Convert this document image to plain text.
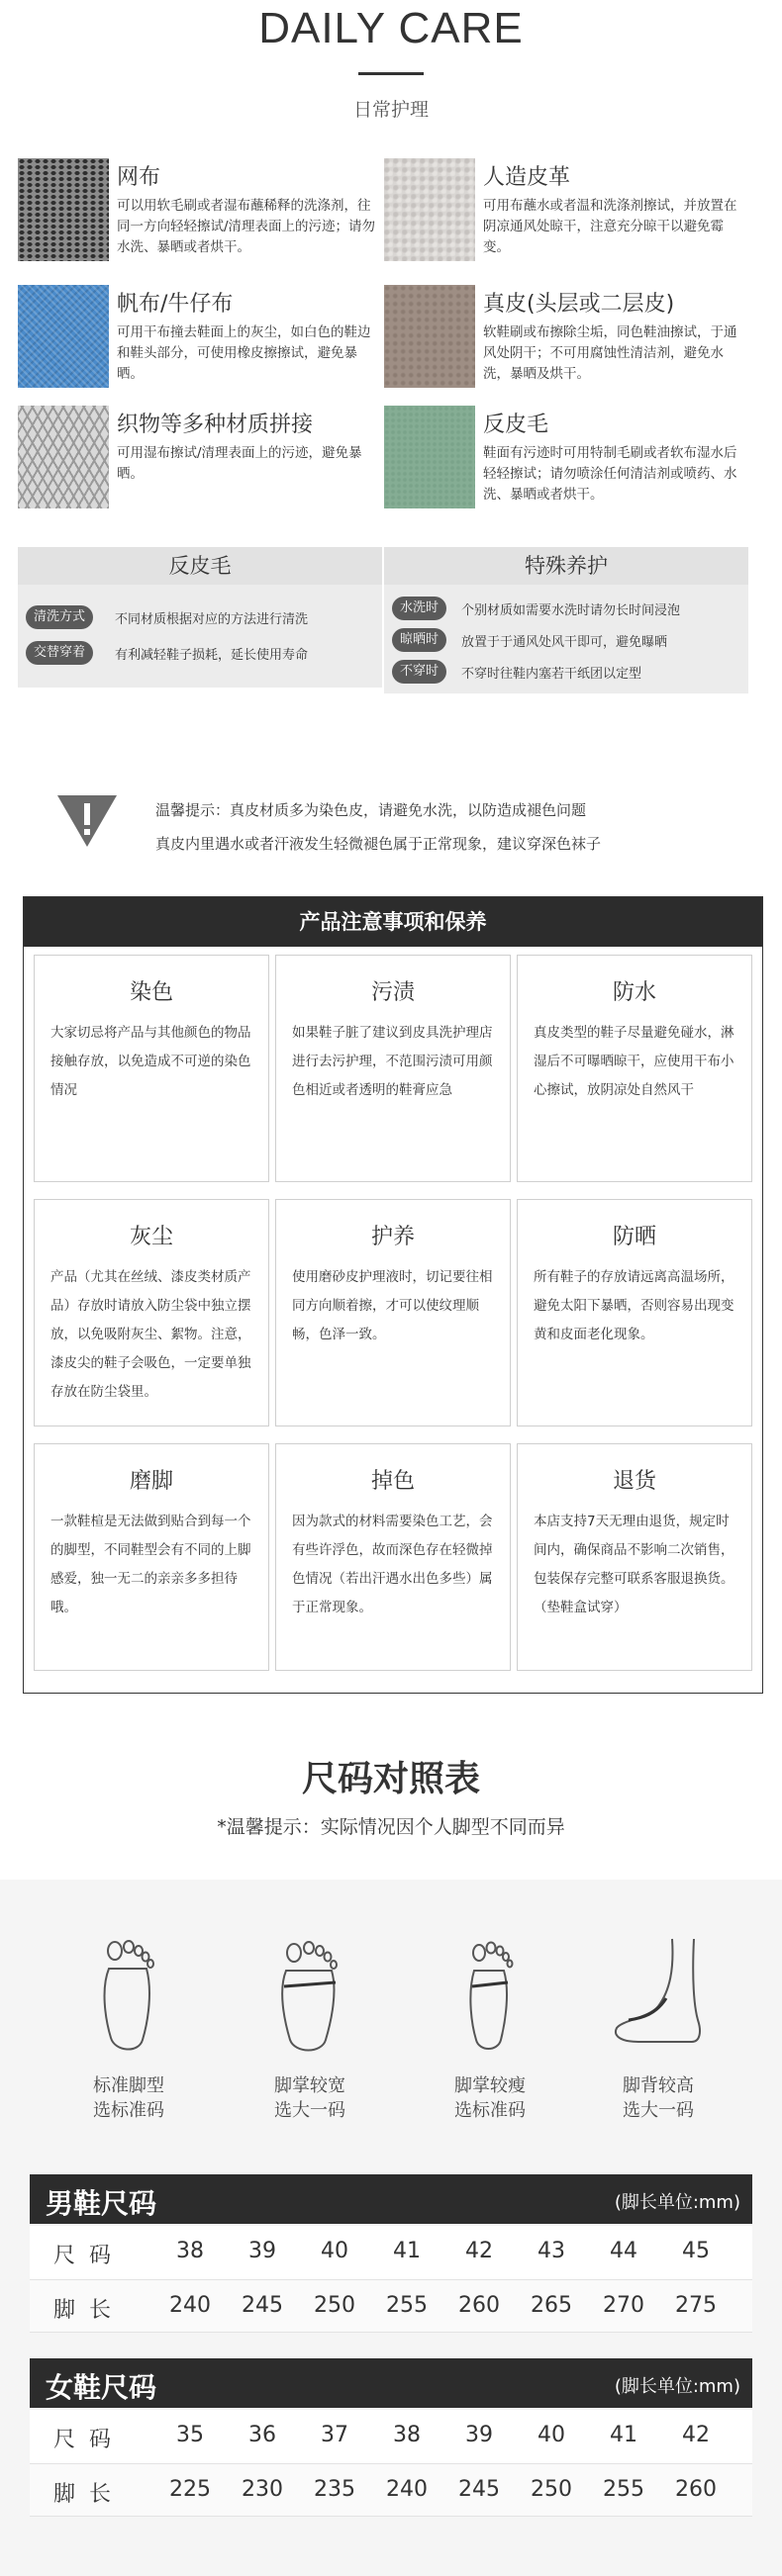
DAILY CARE
日常护理
网布
可以用软毛刷或者湿布蘸稀释的洗涤剂，往同一方向轻轻擦试/清理表面上的污迹；请勿水洗、暴晒或者烘干。
人造皮革
可用布蘸水或者温和洗涤剂擦试，并放置在阴凉通风处晾干，注意充分晾干以避免霉变。
帆布/牛仔布
可用干布撞去鞋面上的灰尘，如白色的鞋边和鞋头部分，可使用橡皮擦擦试，避免暴晒。
真皮(头层或二层皮)
软鞋刷或布擦除尘垢，同色鞋油擦试，于通风处阴干；不可用腐蚀性清洁剂，避免水洗，暴晒及烘干。
织物等多种材质拼接
可用湿布擦试/清理表面上的污迹，避免暴晒。
反皮毛
鞋面有污迹时可用特制毛刷或者软布湿水后轻轻擦试；请勿喷涂任何清洁剂或喷药、水洗、暴晒或者烘干。
反皮毛
清洗方式	不同材质根据对应的方法进行清洗
交替穿着	有利减轻鞋子损耗，延长使用寿命
特殊养护
水洗时	个别材质如需要水洗时请勿长时间浸泡
晾晒时	放置于于通风处风干即可，避免曝晒
不穿时	不穿时往鞋内塞若干纸团以定型
温馨提示：真皮材质多为染色皮，请避免水洗，以防造成褪色问题
真皮内里遇水或者汗液发生轻微褪色属于正常现象，建议穿深色袜子
产品注意事项和保养
染色
大家切忌将产品与其他颜色的物品接触存放，以免造成不可逆的染色情况
污渍
如果鞋子脏了建议到皮具洗护理店进行去污护理，不范围污渍可用颜色相近或者透明的鞋膏应急
防水
真皮类型的鞋子尽量避免碰水，淋湿后不可曝晒晾干，应使用干布小心擦试，放阴凉处自然风干
灰尘
产品（尤其在丝绒、漆皮类材质产品）存放时请放入防尘袋中独立摆放，以免吸附灰尘、絮物。注意，漆皮尖的鞋子会吸色，一定要单独存放在防尘袋里。
护养
使用磨砂皮护理液时，切记要往相同方向顺着擦，才可以使纹理顺畅，色泽一致。
防晒
所有鞋子的存放请远离高温场所，避免太阳下暴晒，否则容易出现变黄和皮面老化现象。
磨脚
一款鞋楦是无法做到贴合到每一个的脚型，不同鞋型会有不同的上脚感爱，独一无二的亲亲多多担待哦。
掉色
因为款式的材料需要染色工艺，会有些许浮色，故而深色存在轻微掉色情况（若出汗遇水出色多些）属于正常现象。
退货
本店支持7天无理由退货，规定时间内，确保商品不影响二次销售，包装保存完整可联系客服退换货。（垫鞋盒试穿）
尺码对照表
*温馨提示：实际情况因个人脚型不同而异
标准脚型
选标准码
脚掌较宽
选大一码
脚掌较瘦
选标准码
脚背较高
选大一码
男鞋尺码	(脚长单位:mm)
尺码	38	39	40	41	42	43	44	45
脚长	240	245	250	255	260	265	270	275
女鞋尺码	(脚长单位:mm)
尺码	35	36	37	38	39	40	41	42
脚长	225	230	235	240	245	250	255	260
